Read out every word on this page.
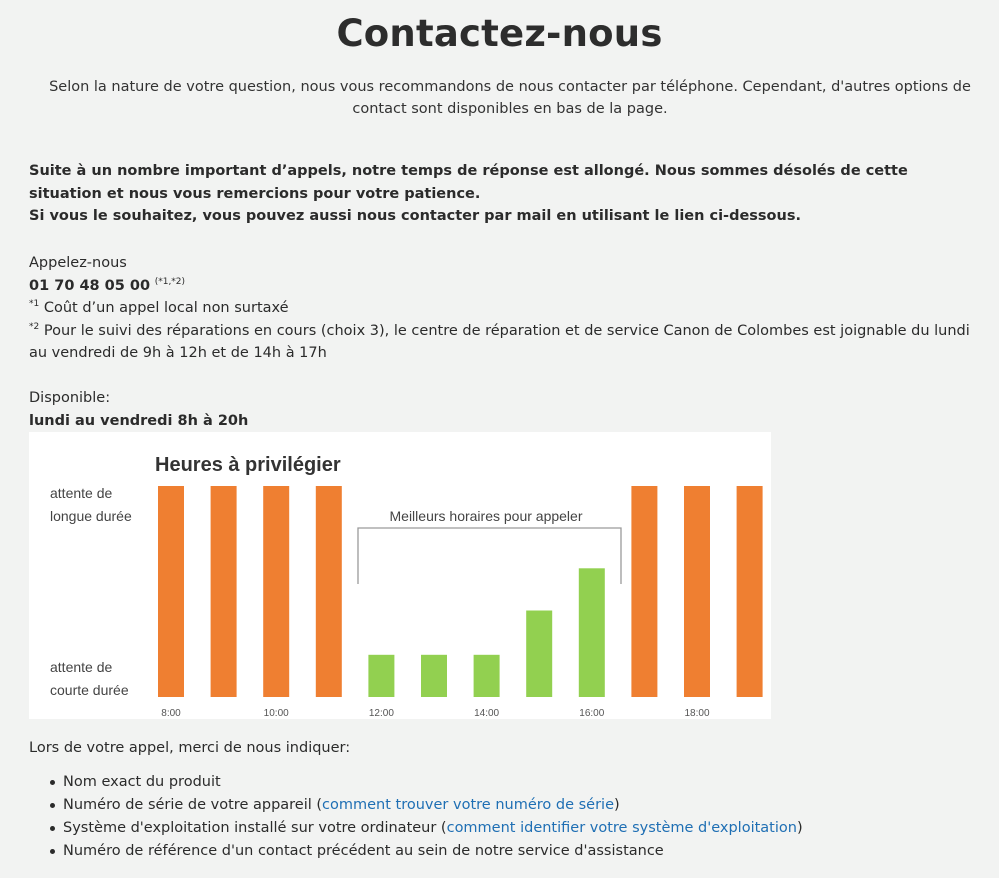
Contactez-nous

Selon la nature de votre question, nous vous recommandons de nous contacter par téléphone. Cependant, d'autres options de contact sont disponibles en bas de la page.

Suite à un nombre important d’appels, notre temps de réponse est allongé. Nous sommes désolés de cette situation et nous vous remercions pour votre patience.
Si vous le souhaitez, vous pouvez aussi nous contacter par mail en utilisant le lien ci-dessous.
Appelez-nous
01 70 48 05 00 $^{(*1,*2)}$
$^{*1}$ Coût d’un appel local non surtaxé
$^{*2}$ Pour le suivi des réparations en cours (choix 3), le centre de réparation et de service Canon de Colombes est joignable du lundi au vendredi de 9h à 12h et de 14h à 17h
Disponible:
lundi au vendredi 8h à 20h
Heures à privilégier
attente de
longue durée
attente de
courte durée
Meilleurs horaires pour appeler
8:00	10:00	12:00	14:00	16:00	18:00

Lors de votre appel, merci de nous indiquer:

Nom exact du produit
Numéro de série de votre appareil (comment trouver votre numéro de série)
Système d'exploitation installé sur votre ordinateur (comment identifier votre système d'exploitation)
Numéro de référence d'un contact précédent au sein de notre service d'assistance
